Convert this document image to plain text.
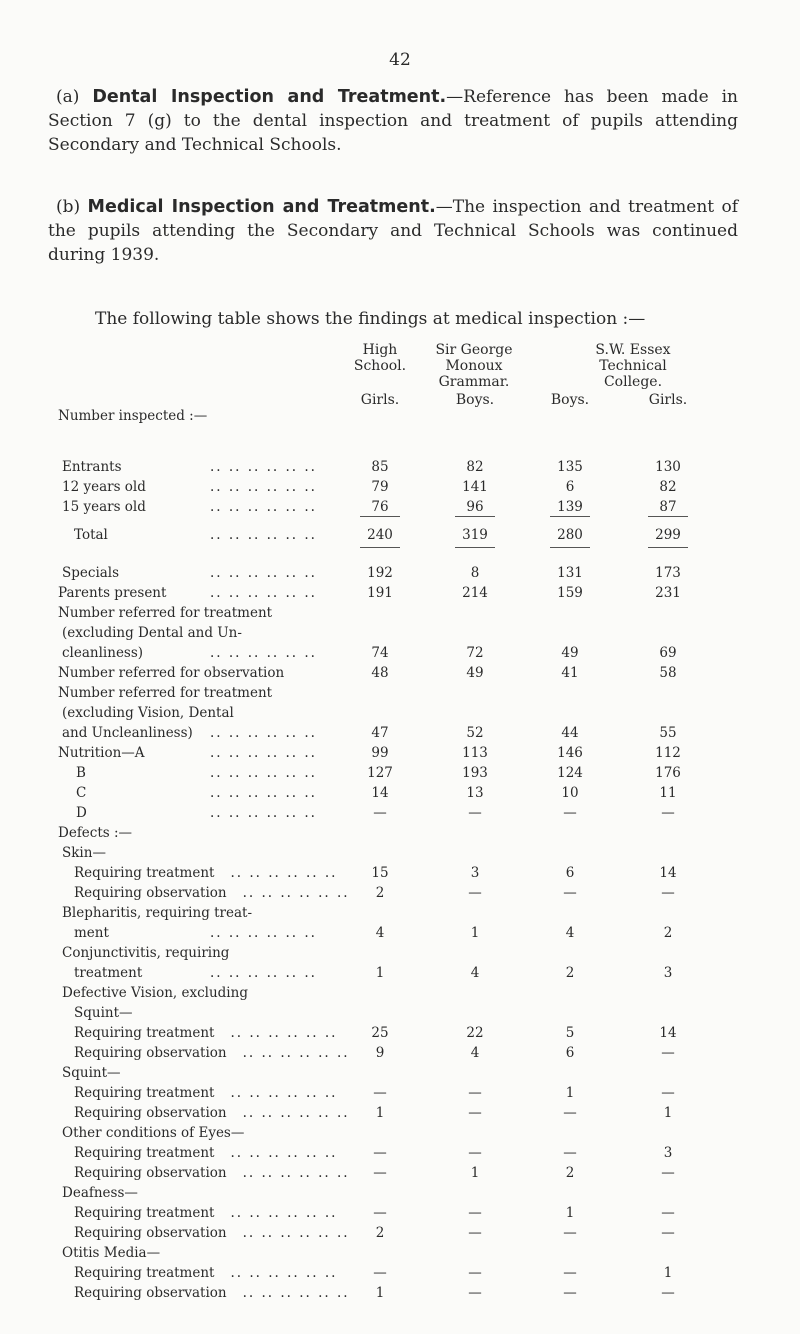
42
(a) Dental Inspection and Treatment.—Reference has been made in Section 7 (g) to the dental inspection and treatment of pupils attending Secondary and Technical Schools.
(b) Medical Inspection and Treatment.—The inspection and treatment of the pupils attending the Secondary and Technical Schools was continued during 1939.
The following table shows the findings at medical inspection :—
High School.
Sir George Monoux Grammar.
S.W. Essex Technical College.
Girls.	Boys.	Boys.	Girls.
Number inspected :—
Entrants	.. .. .. .. .. ..	85	82	135	130
12 years old	.. .. .. .. .. ..	79	141	6	82
15 years old	.. .. .. .. .. ..	76	96	139	87
Total	.. .. .. .. .. ..	240	319	280	299
Specials	.. .. .. .. .. ..	192	8	131	173
Parents present	.. .. .. .. .. ..	191	214	159	231
Number referred for treatment
(excluding Dental and Un-
cleanliness)	.. .. .. .. .. ..	74	72	49	69
Number referred for observation	48	49	41	58
Number referred for treatment
(excluding Vision, Dental
and Uncleanliness) .. .. .. .. .. ..	47	52	44	55
Nutrition—A	.. .. .. .. .. ..	99	113	146	112
B	.. .. .. .. .. ..	127	193	124	176
C	.. .. .. .. .. ..	14	13	10	11
D	.. .. .. .. .. ..	—	—	—	—
Defects :—
Skin—
Requiring treatment .. .. .. .. .. ..	15	3	6	14
Requiring observation .. .. .. .. .. ..	2	—	—	—
Blepharitis, requiring treat-
ment	.. .. .. .. .. ..	4	1	4	2
Conjunctivitis, requiring
treatment	.. .. .. .. .. ..	1	4	2	3
Defective Vision, excluding
Squint—
Requiring treatment .. .. .. .. .. ..	25	22	5	14
Requiring observation .. .. .. .. .. ..	9	4	6	—
Squint—
Requiring treatment .. .. .. .. .. ..	—	—	1	—
Requiring observation .. .. .. .. .. ..	1	—	—	1
Other conditions of Eyes—
Requiring treatment .. .. .. .. .. ..	—	—	—	3
Requiring observation .. .. .. .. .. ..	—	1	2	—
Deafness—
Requiring treatment .. .. .. .. .. ..	—	—	1	—
Requiring observation .. .. .. .. .. ..	2	—	—	—
Otitis Media—
Requiring treatment .. .. .. .. .. ..	—	—	—	1
Requiring observation .. .. .. .. .. ..	1	—	—	—
